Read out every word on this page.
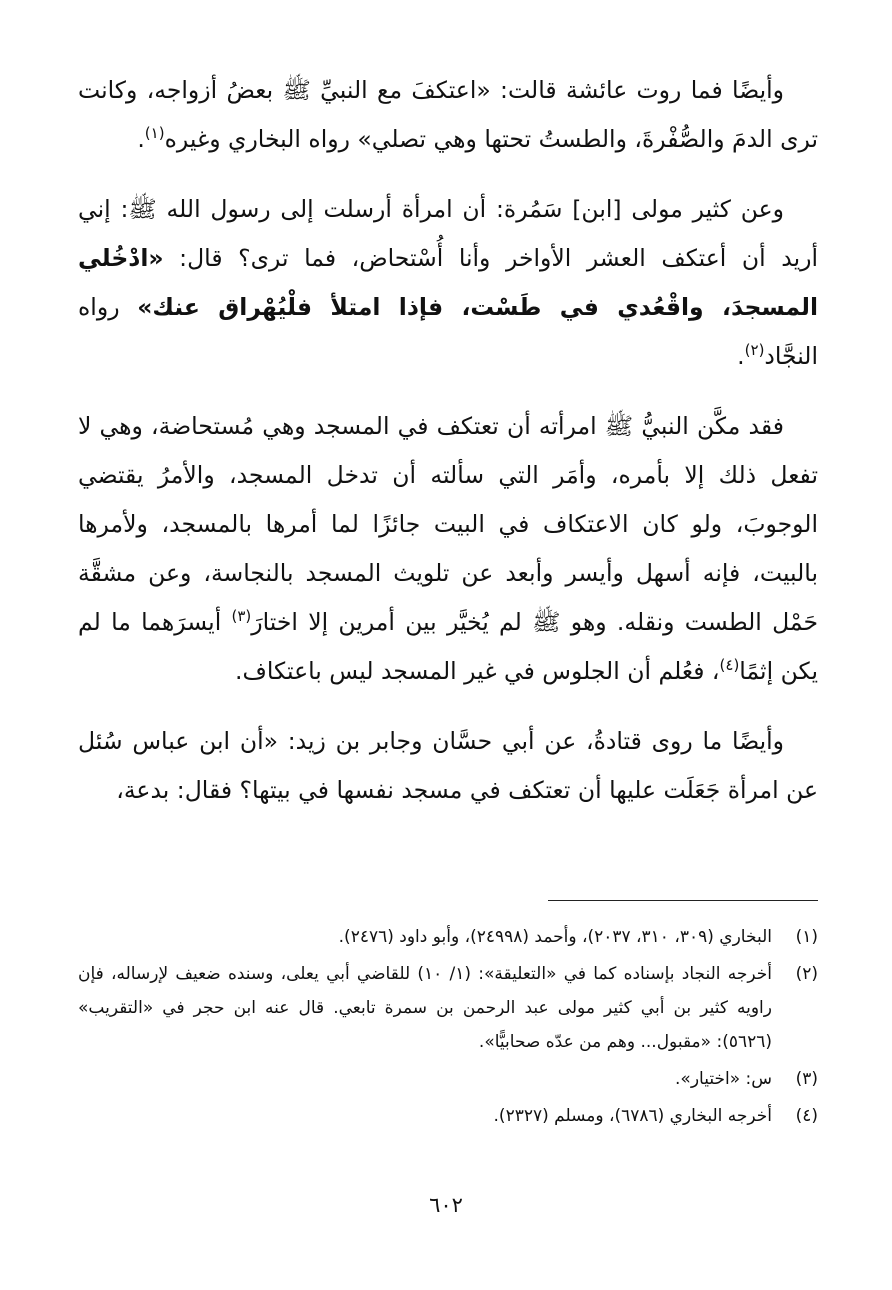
وأيضًا فما روت عائشة قالت: «اعتكفَ مع النبيِّ ﷺ بعضُ أزواجه، وكانت ترى الدمَ والصُّفْرةَ، والطستُ تحتها وهي تصلي» رواه البخاري وغيره$^{(١)}$.

وعن كثير مولى [ابن] سَمُرة: أن امرأة أرسلت إلى رسول الله ﷺ: إني أريد أن أعتكف العشر الأواخر وأنا أُسْتحاض، فما ترى؟ قال: «ادْخُلي المسجدَ، واقْعُدي في طَسْت، فإذا امتلأ فلْيُهْراق عنك» رواه النجَّاد$^{(٢)}$.

فقد مكَّن النبيُّ ﷺ امرأته أن تعتكف في المسجد وهي مُستحاضة، وهي لا تفعل ذلك إلا بأمره، وأمَر التي سألته أن تدخل المسجد، والأمرُ يقتضي الوجوبَ، ولو كان الاعتكاف في البيت جائزًا لما أمرها بالمسجد، ولأمرها بالبيت، فإنه أسهل وأيسر وأبعد عن تلويث المسجد بالنجاسة، وعن مشقَّة حَمْل الطست ونقله. وهو ﷺ لم يُخيَّر بين أمرين إلا اختارَ$^{(٣)}$ أيسرَهما ما لم يكن إثمًا$^{(٤)}$، فعُلم أن الجلوس في غير المسجد ليس باعتكاف.

وأيضًا ما روى قتادةُ، عن أبي حسَّان وجابر بن زيد: «أن ابن عباس سُئل عن امرأة جَعَلَت عليها أن تعتكف في مسجد نفسها في بيتها؟ فقال: بدعة،

(١)
البخاري (٣٠٩، ٣١٠، ٢٠٣٧)، وأحمد (٢٤٩٩٨)، وأبو داود (٢٤٧٦).
(٢)
أخرجه النجاد بإسناده كما في «التعليقة»: (١/ ١٠) للقاضي أبي يعلى، وسنده ضعيف لإرساله، فإن راويه كثير بن أبي كثير مولى عبد الرحمن بن سمرة تابعي. قال عنه ابن حجر في «التقريب» (٥٦٢٦): «مقبول... وهم من عدّه صحابيًّا».
(٣)
س: «اختيار».
(٤)
أخرجه البخاري (٦٧٨٦)، ومسلم (٢٣٢٧).
٦٠٢
